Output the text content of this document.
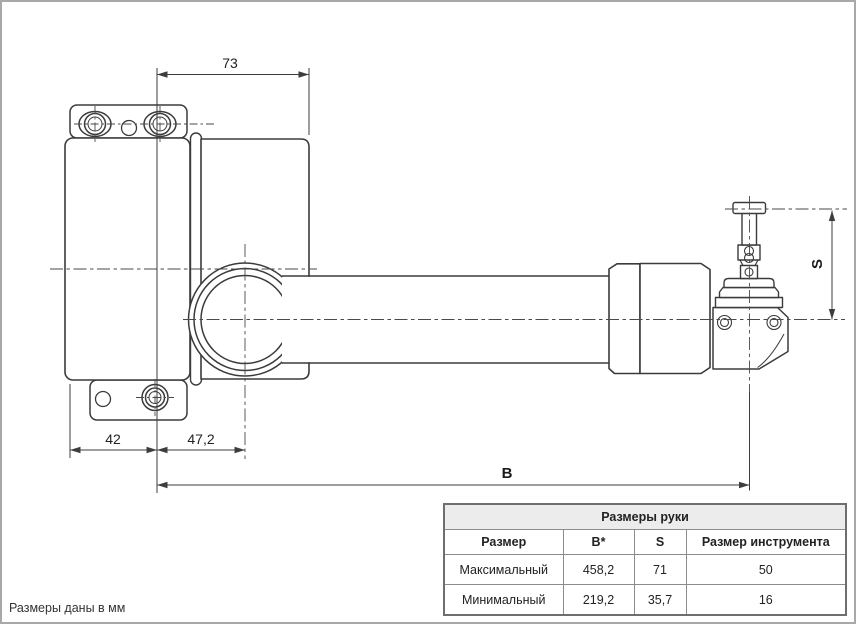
73
42	47,2
B
S
Размеры руки			
Размер	B*	S	Размер инструмента
Максимальный	458,2	71	50
Минимальный	219,2	35,7	16
Размеры даны в мм
